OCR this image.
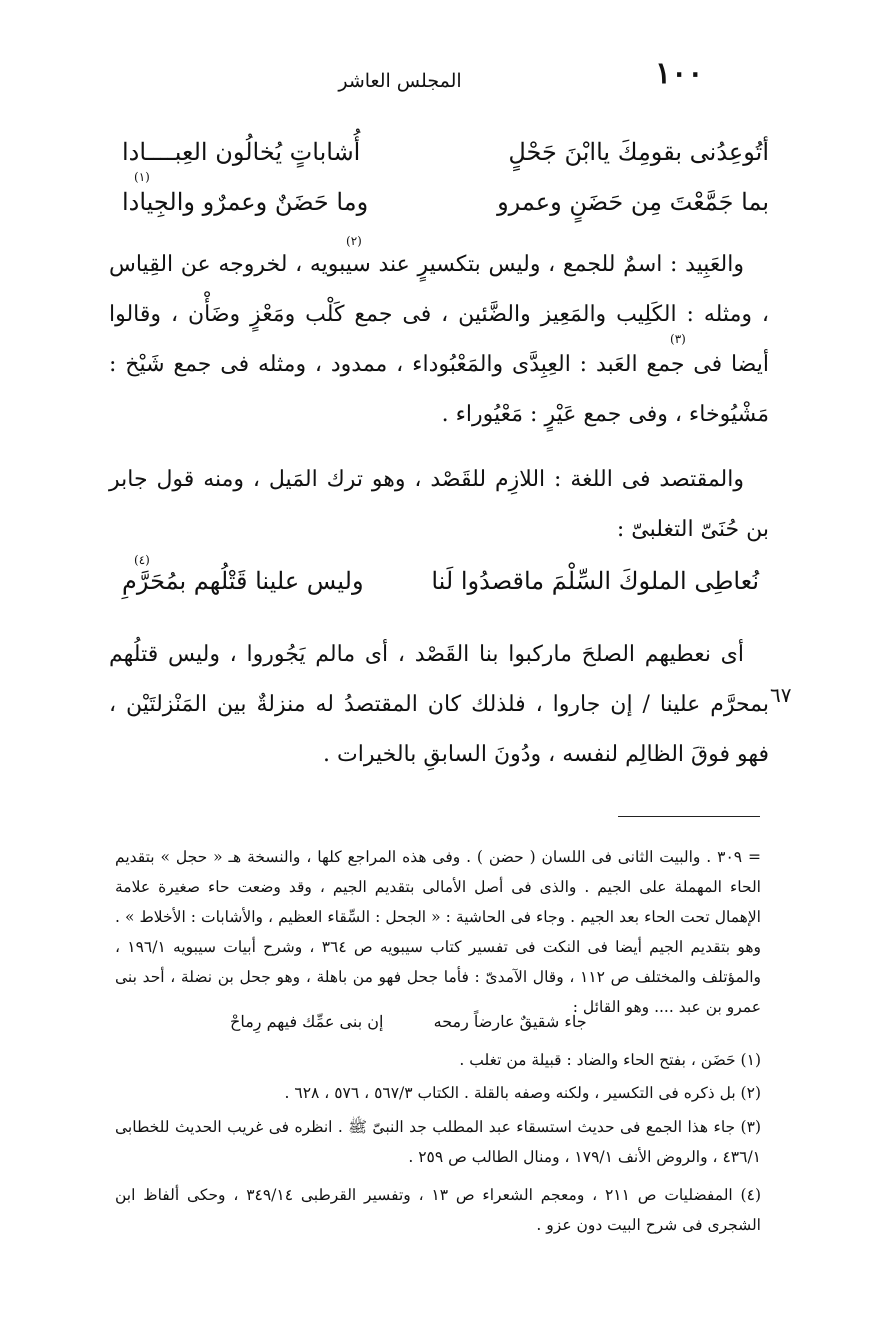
١٠٠
المجلس العاشر
أتُوعِدُنى بقومِكَ ياابْنَ جَحْلٍ
أُشاباتٍ يُخالُون العِبــــادا
بما جَمَّعْتَ مِن حَضَنٍ وعمرو
وما حَضَنٌ وعمرٌو والجِيادا
(١)
والعَبِيد : اسمٌ للجمع ، وليس بتكسيرٍ عند سيبويه ، لخروجه عن القِياس ، ومثله : الكَلِيب والمَعِيز والضَّئين ، فى جمع كَلْب ومَعْزٍ وضَأْن ، وقالوا أيضا فى جمع العَبد : العِبِدَّى والمَعْبُوداء ، ممدود ، ومثله فى جمع شَيْخ : مَشْيُوخاء ، وفى جمع عَيْرٍ : مَعْيُوراء .
(٢)
(٣)
والمقتصد فى اللغة : اللازِم للقَصْد ، وهو ترك المَيل ، ومنه قول جابر بن حُنَىّ التغلبىّ :
نُعاطِى الملوكَ السِّلْمَ ماقصدُوا لَنا
وليس علينا قَتْلُهم بمُحَرَّمِ
(٤)
أى نعطيهم الصلحَ ماركبوا بنا القَصْد ، أى مالم يَجُوروا ، وليس قتلُهم بمحرَّم علينا / إن جاروا ، فلذلك كان المقتصدُ له منزلةٌ بين المَنْزلتَيْن ، فهو فوقَ الظالِم لنفسه ، ودُونَ السابقِ بالخيرات .
٦٧
= ٣٠٩ . والبيت الثانى فى اللسان ( حضن ) . وفى هذه المراجع كلها ، والنسخة هـ « حجل » بتقديم الحاء المهملة على الجيم . والذى فى أصل الأمالى بتقديم الجيم ، وقد وضعت حاء صغيرة علامة الإهمال تحت الحاء بعد الجيم . وجاء فى الحاشية : « الجحل : السِّقاء العظيم ، والأشابات : الأخلاط » . وهو بتقديم الجيم أيضا فى النكت فى تفسير كتاب سيبويه ص ٣٦٤ ، وشرح أبيات سيبويه ١٩٦/١ ، والمؤتلف والمختلف ص ١١٢ ، وقال الآمدىّ : فأما جحل فهو من باهلة ، وهو جحل بن نضلة ، أحد بنى عمرو بن عبد .... وهو القائل :
جاء شقيقٌ عارضاً رمحه  إن بنى عمِّك فيهم رِماحْ
(١) حَضَن ، بفتح الحاء والضاد : قبيلة من تغلب .
(٢) بل ذكره فى التكسير ، ولكنه وصفه بالقلة . الكتاب ٥٦٧/٣ ، ٥٧٦ ، ٦٢٨ .
(٣) جاء هذا الجمع فى حديث استسقاء عبد المطلب جد النبىّ ﷺ . انظره فى غريب الحديث للخطابى ٤٣٦/١ ، والروض الأنف ١٧٩/١ ، ومنال الطالب ص ٢٥٩ .
(٤) المفضليات ص ٢١١ ، ومعجم الشعراء ص ١٣ ، وتفسير القرطبى ٣٤٩/١٤ ، وحكى ألفاظ ابن الشجرى فى شرح البيت دون عزو .
